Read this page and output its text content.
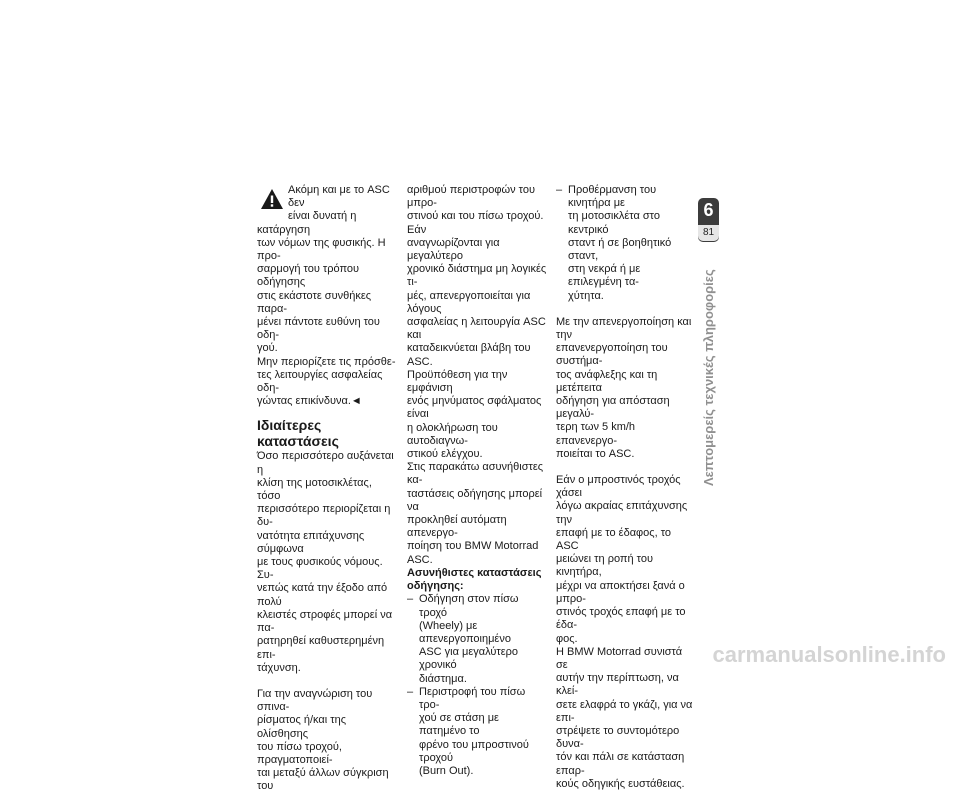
Ακόμη και με το ASC δεν
είναι δυνατή η κατάργηση
των νόμων της φυσικής. Η προ-
σαρμογή του τρόπου οδήγησης
στις εκάστοτε συνθήκες παρα-
μένει πάντοτε ευθύνη του οδη-
γού.

Μην περιορίζετε τις πρόσθε-
τες λειτουργίες ασφαλείας οδη-
γώντας επικίνδυνα.◄

Ιδιαίτερες καταστάσεις

Όσο περισσότερο αυξάνεται η
κλίση της μοτοσικλέτας, τόσο
περισσότερο περιορίζεται η δυ-
νατότητα επιτάχυνσης σύμφωνα
με τους φυσικούς νόμους. Συ-
νεπώς κατά την έξοδο από πολύ
κλειστές στροφές μπορεί να πα-
ρατηρηθεί καθυστερημένη επι-
τάχυνση.

Για την αναγνώριση του σπινα-
ρίσματος ή/και της ολίσθησης
του πίσω τροχού, πραγματοποιεί-
ται μεταξύ άλλων σύγκριση του

αριθμού περιστροφών του μπρο-
στινού και του πίσω τροχού. Εάν
αναγνωρίζονται για μεγαλύτερο
χρονικό διάστημα μη λογικές τι-
μές, απενεργοποιείται για λόγους
ασφαλείας η λειτουργία ASC και
καταδεικνύεται βλάβη του ASC.

Προϋπόθεση για την εμφάνιση
ενός μηνύματος σφάλματος είναι
η ολοκλήρωση του αυτοδιαγνω-
στικού ελέγχου.

Στις παρακάτω ασυνήθιστες κα-
ταστάσεις οδήγησης μπορεί να
προκληθεί αυτόματη απενεργο-
ποίηση του BMW Motorrad ASC.

Ασυνήθιστες καταστάσεις
οδήγησης:

– Οδήγηση στον πίσω τροχό
(Wheely) με απενεργοποιημένο
ASC για μεγαλύτερο χρονικό
διάστημα.
– Περιστροφή του πίσω τρο-
χού σε στάση με πατημένο το
φρένο του μπροστινού τροχού
(Burn Out).
– Προθέρμανση του κινητήρα με
τη μοτοσικλέτα στο κεντρικό
σταντ ή σε βοηθητικό σταντ,
στη νεκρά ή με επιλεγμένη τα-
χύτητα.

Με την απενεργοποίηση και την
επανενεργοποίηση του συστήμα-
τος ανάφλεξης και τη μετέπειτα
οδήγηση για απόσταση μεγαλύ-
τερη των 5 km/h επανενεργο-
ποιείται το ASC.

Εάν ο μπροστινός τροχός χάσει
λόγω ακραίας επιτάχυνσης την
επαφή με το έδαφος, το ASC
μειώνει τη ροπή του κινητήρα,
μέχρι να αποκτήσει ξανά ο μπρο-
στινός τροχός επαφή με το έδα-
φος.

Η BMW Motorrad συνιστά σε
αυτήν την περίπτωση, να κλεί-
σετε ελαφρά το γκάζι, για να επι-
στρέψετε το συντομότερο δυνα-
τόν και πάλι σε κατάσταση επαρ-
κούς οδηγικής ευστάθειας.

6
81
Λεπτομερείς τεχνικές πληροφορίες
carmanualsonline.info
